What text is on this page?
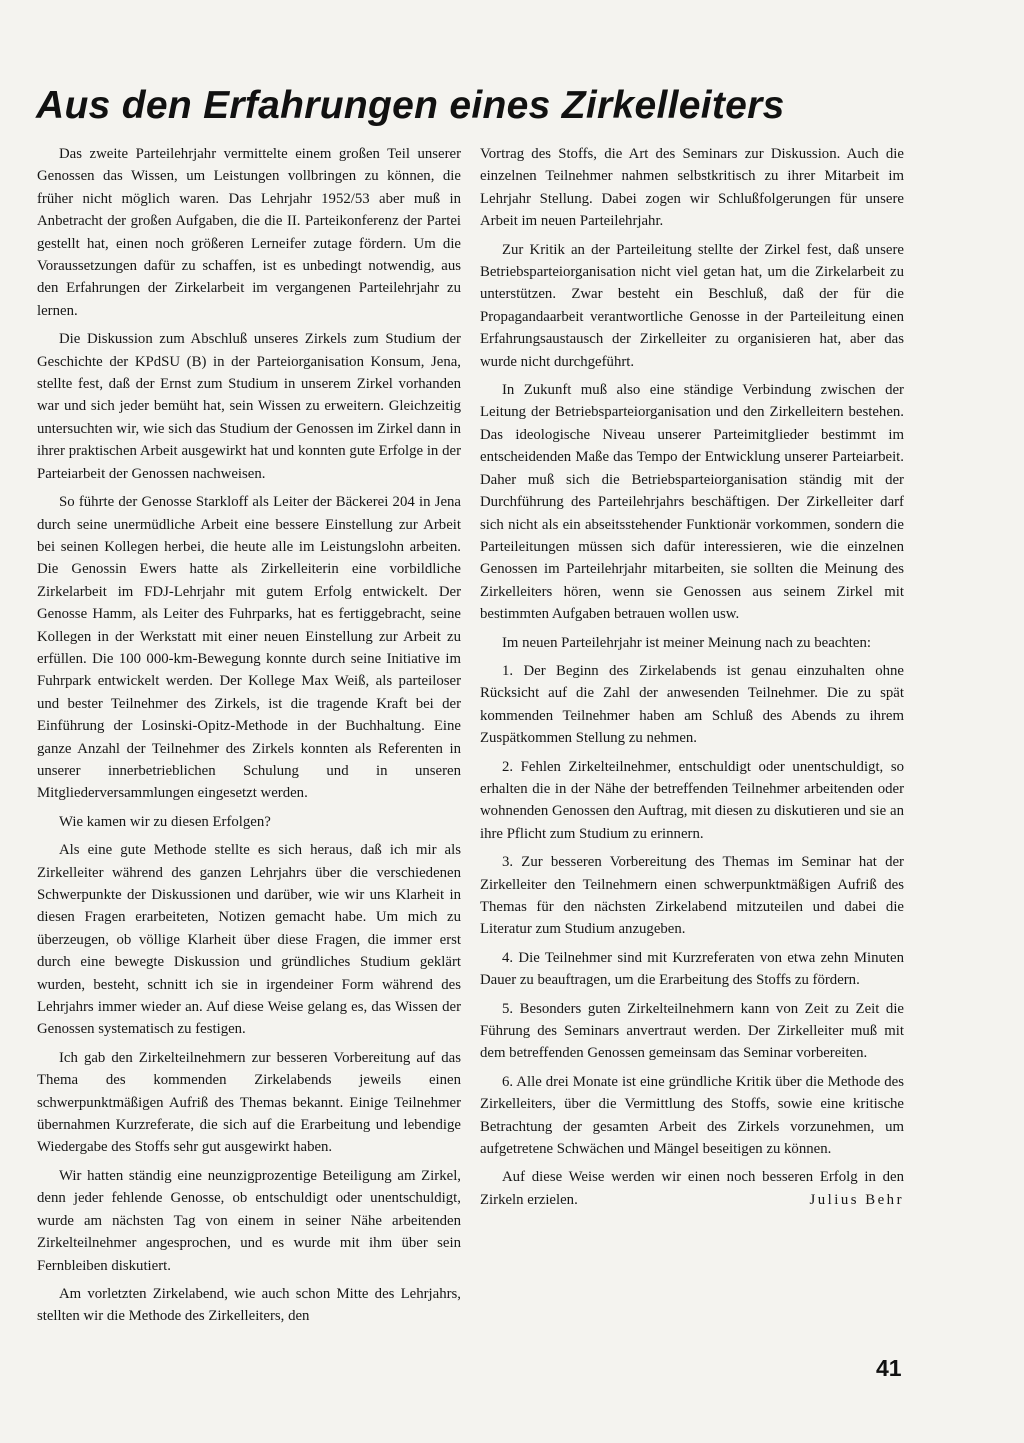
Aus den Erfahrungen eines Zirkelleiters

Das zweite Parteilehrjahr vermittelte einem großen Teil unserer Genossen das Wissen, um Leistungen vollbringen zu können, die früher nicht möglich waren. Das Lehrjahr 1952/53 aber muß in Anbetracht der großen Aufgaben, die die II. Parteikonferenz der Partei gestellt hat, einen noch größeren Lerneifer zutage fördern. Um die Voraussetzungen dafür zu schaffen, ist es unbedingt notwendig, aus den Erfahrungen der Zirkelarbeit im vergangenen Parteilehrjahr zu lernen.

Die Diskussion zum Abschluß unseres Zirkels zum Studium der Geschichte der KPdSU (B) in der Parteiorganisation Konsum, Jena, stellte fest, daß der Ernst zum Studium in unserem Zirkel vorhanden war und sich jeder bemüht hat, sein Wissen zu erweitern. Gleichzeitig untersuchten wir, wie sich das Studium der Genossen im Zirkel dann in ihrer praktischen Arbeit ausgewirkt hat und konnten gute Erfolge in der Parteiarbeit der Genossen nachweisen.

So führte der Genosse Starkloff als Leiter der Bäckerei 204 in Jena durch seine unermüdliche Arbeit eine bessere Einstellung zur Arbeit bei seinen Kollegen herbei, die heute alle im Leistungslohn arbeiten. Die Genossin Ewers hatte als Zirkelleiterin eine vorbildliche Zirkelarbeit im FDJ-Lehrjahr mit gutem Erfolg entwickelt. Der Genosse Hamm, als Leiter des Fuhrparks, hat es fertiggebracht, seine Kollegen in der Werkstatt mit einer neuen Einstellung zur Arbeit zu erfüllen. Die 100 000-km-Bewegung konnte durch seine Initiative im Fuhrpark entwickelt werden. Der Kollege Max Weiß, als parteiloser und bester Teilnehmer des Zirkels, ist die tragende Kraft bei der Einführung der Losinski-Opitz-Methode in der Buchhaltung. Eine ganze Anzahl der Teilnehmer des Zirkels konnten als Referenten in unserer innerbetrieblichen Schulung und in unseren Mitgliederversammlungen eingesetzt werden.

Wie kamen wir zu diesen Erfolgen?

Als eine gute Methode stellte es sich heraus, daß ich mir als Zirkelleiter während des ganzen Lehrjahrs über die verschiedenen Schwerpunkte der Diskussionen und darüber, wie wir uns Klarheit in diesen Fragen erarbeiteten, Notizen gemacht habe. Um mich zu überzeugen, ob völlige Klarheit über diese Fragen, die immer erst durch eine bewegte Diskussion und gründliches Studium geklärt wurden, besteht, schnitt ich sie in irgendeiner Form während des Lehrjahrs immer wieder an. Auf diese Weise gelang es, das Wissen der Genossen systematisch zu festigen.

Ich gab den Zirkelteilnehmern zur besseren Vorbereitung auf das Thema des kommenden Zirkelabends jeweils einen schwerpunktmäßigen Aufriß des Themas bekannt. Einige Teilnehmer übernahmen Kurzreferate, die sich auf die Erarbeitung und lebendige Wiedergabe des Stoffs sehr gut ausgewirkt haben.

Wir hatten ständig eine neunzigprozentige Beteiligung am Zirkel, denn jeder fehlende Genosse, ob entschuldigt oder unentschuldigt, wurde am nächsten Tag von einem in seiner Nähe arbeitenden Zirkelteilnehmer angesprochen, und es wurde mit ihm über sein Fernbleiben diskutiert.

Am vorletzten Zirkelabend, wie auch schon Mitte des Lehrjahrs, stellten wir die Methode des Zirkelleiters, den

Vortrag des Stoffs, die Art des Seminars zur Diskussion. Auch die einzelnen Teilnehmer nahmen selbstkritisch zu ihrer Mitarbeit im Lehrjahr Stellung. Dabei zogen wir Schlußfolgerungen für unsere Arbeit im neuen Parteilehrjahr.

Zur Kritik an der Parteileitung stellte der Zirkel fest, daß unsere Betriebsparteiorganisation nicht viel getan hat, um die Zirkelarbeit zu unterstützen. Zwar besteht ein Beschluß, daß der für die Propagandaarbeit verantwortliche Genosse in der Parteileitung einen Erfahrungsaustausch der Zirkelleiter zu organisieren hat, aber das wurde nicht durchgeführt.

In Zukunft muß also eine ständige Verbindung zwischen der Leitung der Betriebsparteiorganisation und den Zirkelleitern bestehen. Das ideologische Niveau unserer Parteimitglieder bestimmt im entscheidenden Maße das Tempo der Entwicklung unserer Parteiarbeit. Daher muß sich die Betriebsparteiorganisation ständig mit der Durchführung des Parteilehrjahrs beschäftigen. Der Zirkelleiter darf sich nicht als ein abseitsstehender Funktionär vorkommen, sondern die Parteileitungen müssen sich dafür interessieren, wie die einzelnen Genossen im Parteilehrjahr mitarbeiten, sie sollten die Meinung des Zirkelleiters hören, wenn sie Genossen aus seinem Zirkel mit bestimmten Aufgaben betrauen wollen usw.

Im neuen Parteilehrjahr ist meiner Meinung nach zu beachten:

1. Der Beginn des Zirkelabends ist genau einzuhalten ohne Rücksicht auf die Zahl der anwesenden Teilnehmer. Die zu spät kommenden Teilnehmer haben am Schluß des Abends zu ihrem Zuspätkommen Stellung zu nehmen.

2. Fehlen Zirkelteilnehmer, entschuldigt oder unentschuldigt, so erhalten die in der Nähe der betreffenden Teilnehmer arbeitenden oder wohnenden Genossen den Auftrag, mit diesen zu diskutieren und sie an ihre Pflicht zum Studium zu erinnern.

3. Zur besseren Vorbereitung des Themas im Seminar hat der Zirkelleiter den Teilnehmern einen schwerpunktmäßigen Aufriß des Themas für den nächsten Zirkelabend mitzuteilen und dabei die Literatur zum Studium anzugeben.

4. Die Teilnehmer sind mit Kurzreferaten von etwa zehn Minuten Dauer zu beauftragen, um die Erarbeitung des Stoffs zu fördern.

5. Besonders guten Zirkelteilnehmern kann von Zeit zu Zeit die Führung des Seminars anvertraut werden. Der Zirkelleiter muß mit dem betreffenden Genossen gemeinsam das Seminar vorbereiten.

6. Alle drei Monate ist eine gründliche Kritik über die Methode des Zirkelleiters, über die Vermittlung des Stoffs, sowie eine kritische Betrachtung der gesamten Arbeit des Zirkels vorzunehmen, um aufgetretene Schwächen und Mängel beseitigen zu können.

Auf diese Weise werden wir einen noch besseren Erfolg in den Zirkeln erzielen.	Julius Behr

41
